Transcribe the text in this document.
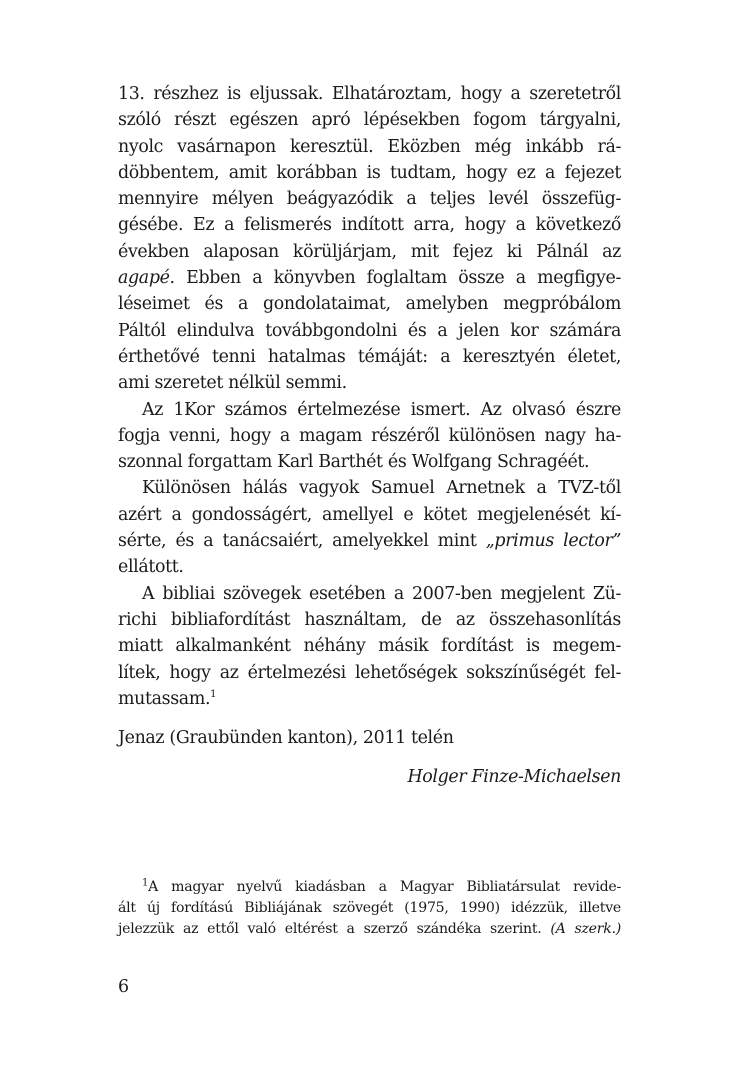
13. részhez is eljussak. Elhatároztam, hogy a szeretetről
szóló részt egészen apró lépésekben fogom tárgyalni,
nyolc vasárnapon keresztül. Eközben még inkább rá-
döbbentem, amit korábban is tudtam, hogy ez a fejezet
mennyire mélyen beágyazódik a teljes levél összefüg-
gésébe. Ez a felismerés indított arra, hogy a következő
években alaposan körüljárjam, mit fejez ki Pálnál az
agapé. Ebben a könyvben foglaltam össze a megfigye-
léseimet és a gondolataimat, amelyben megpróbálom
Páltól elindulva továbbgondolni és a jelen kor számára
érthetővé tenni hatalmas témáját: a keresztyén életet,
ami szeretet nélkül semmi.
Az 1Kor számos értelmezése ismert. Az olvasó észre
fogja venni, hogy a magam részéről különösen nagy ha-
szonnal forgattam Karl Barthét és Wolfgang Schragéét.
Különösen hálás vagyok Samuel Arnetnek a TVZ-től
azért a gondosságért, amellyel e kötet megjelenését kí-
sérte, és a tanácsaiért, amelyekkel mint „primus lector”
ellátott.
A bibliai szövegek esetében a 2007-ben megjelent Zü-
richi bibliafordítást használtam, de az összehasonlítás
miatt alkalmanként néhány másik fordítást is megem-
lítek, hogy az értelmezési lehetőségek sokszínűségét fel-
mutassam.$^1$
Jenaz (Graubünden kanton), 2011 telén
Holger Finze-Michaelsen
$^1$A magyar nyelvű kiadásban a Magyar Bibliatársulat revide-
ált új fordítású Bibliájának szövegét (1975, 1990) idézzük, illetve
jelezzük az ettől való eltérést a szerző szándéka szerint. (A szerk.)
6
